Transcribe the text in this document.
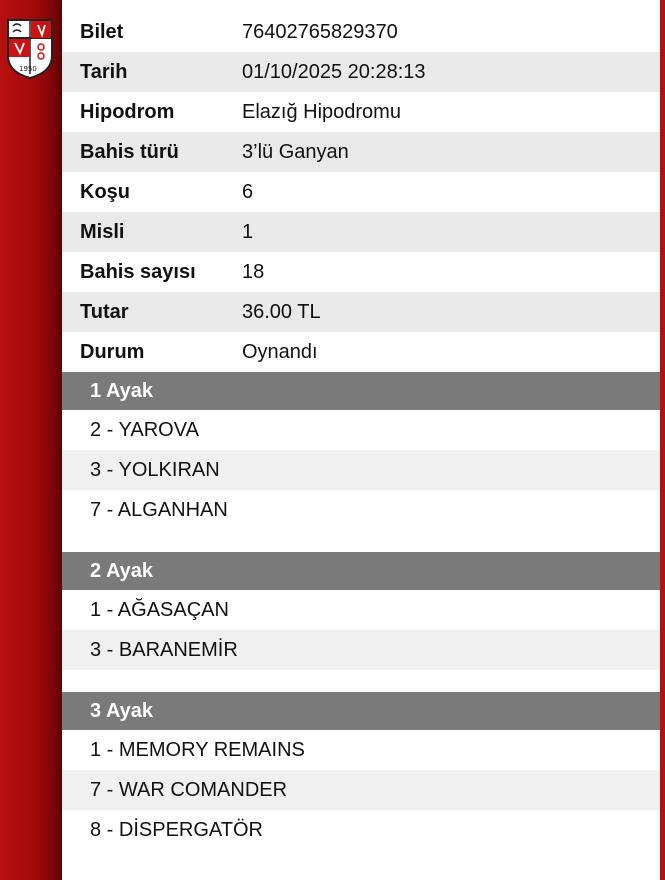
1950
Bilet	76402765829370
Tarih	01/10/2025 20:28:13
Hipodrom	Elazığ Hipodromu
Bahis türü	3’lü Ganyan
Koşu	6
Misli	1
Bahis sayısı	18
Tutar	36.00 TL
Durum	Oynandı
1 Ayak
2 - YAROVA
3 - YOLKIRAN
7 - ALGANHAN
2 Ayak
1 - AĞASAÇAN
3 - BARANEMİR
3 Ayak
1 - MEMORY REMAINS
7 - WAR COMANDER
8 - DİSPERGATÖR
